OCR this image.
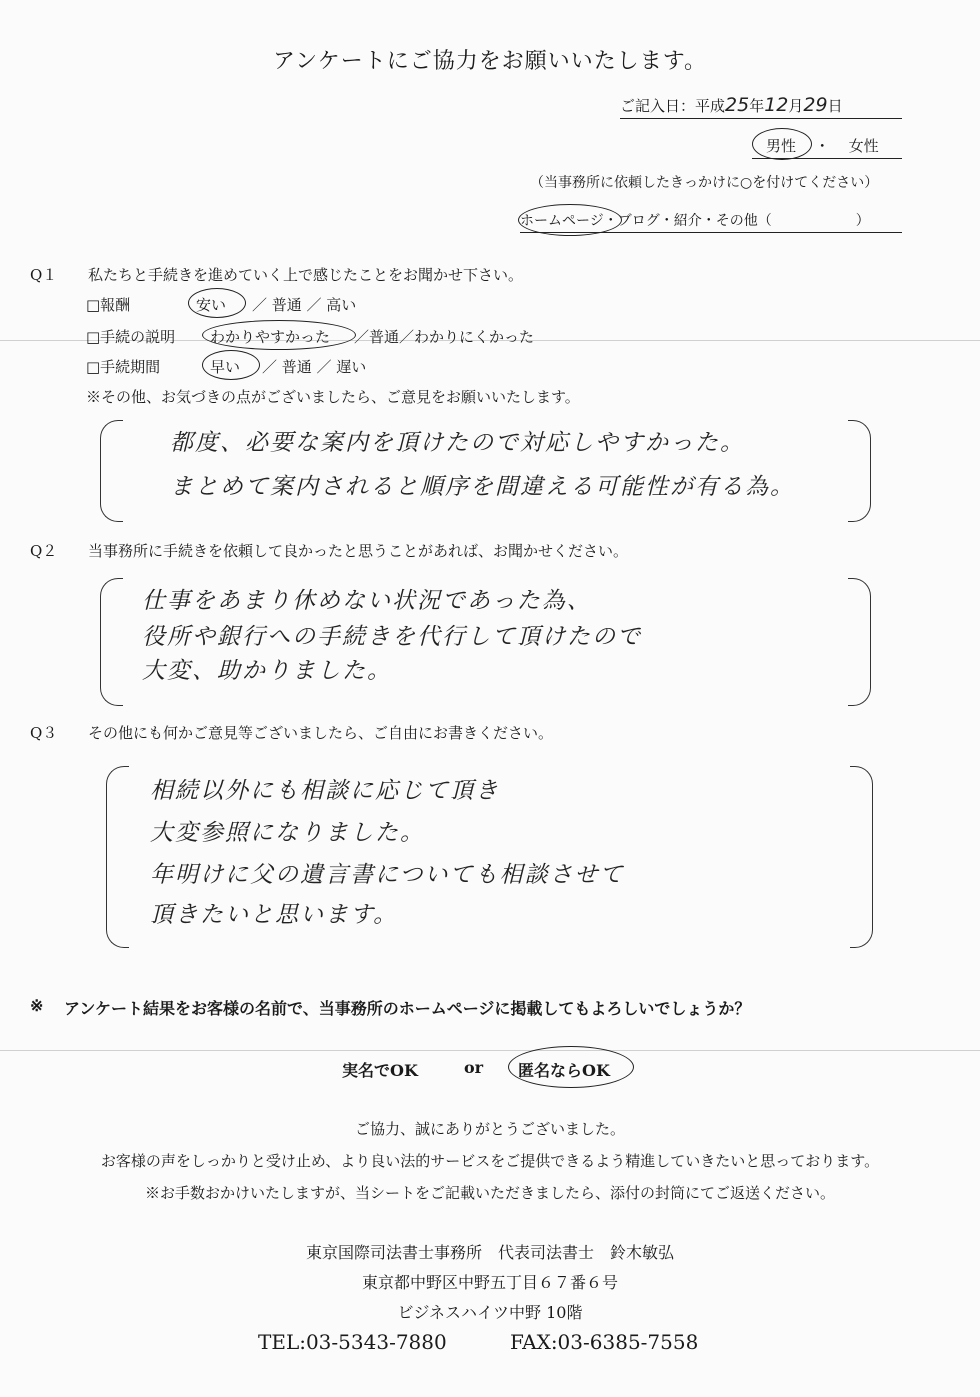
アンケートにご協力をお願いいたします。
ご記入日：平成25年12月29日
男性 ・ 女性
（当事務所に依頼したきっかけに○を付けてください）
ホームページ・ブログ・紹介・その他（　　　　　　）
Q１ 私たちと手続きを進めていく上で感じたことをお聞かせ下さい。
□報酬	安い ／ 普通 ／ 高い
□手続の説明 わかりやすかった ／普通／わかりにくかった
□手続期間	早い ／ 普通 ／ 遅い
※その他、お気づきの点がございましたら、ご意見をお願いいたします。
都度、必要な案内を頂けたので対応しやすかった。
まとめて案内されると順序を間違える可能性が有る為。
Q２ 当事務所に手続きを依頼して良かったと思うことがあれば、お聞かせください。
仕事をあまり休めない状況であった為、
役所や銀行への手続きを代行して頂けたので
大変、助かりました。
Q３ その他にも何かご意見等ございましたら、ご自由にお書きください。
相続以外にも相談に応じて頂き
大変参照になりました。
年明けに父の遺言書についても相談させて
頂きたいと思います。
※ アンケート結果をお客様の名前で、当事務所のホームページに掲載してもよろしいでしょうか？
実名でOK	or 匿名ならOK
ご協力、誠にありがとうございました。
お客様の声をしっかりと受け止め、より良い法的サービスをご提供できるよう精進していきたいと思っております。
※お手数おかけいたしますが、当シートをご記載いただきましたら、添付の封筒にてご返送ください。
東京国際司法書士事務所　代表司法書士　鈴木敏弘
東京都中野区中野五丁目６７番６号
ビジネスハイツ中野 10階
TEL:03-5343-7880	FAX:03-6385-7558
